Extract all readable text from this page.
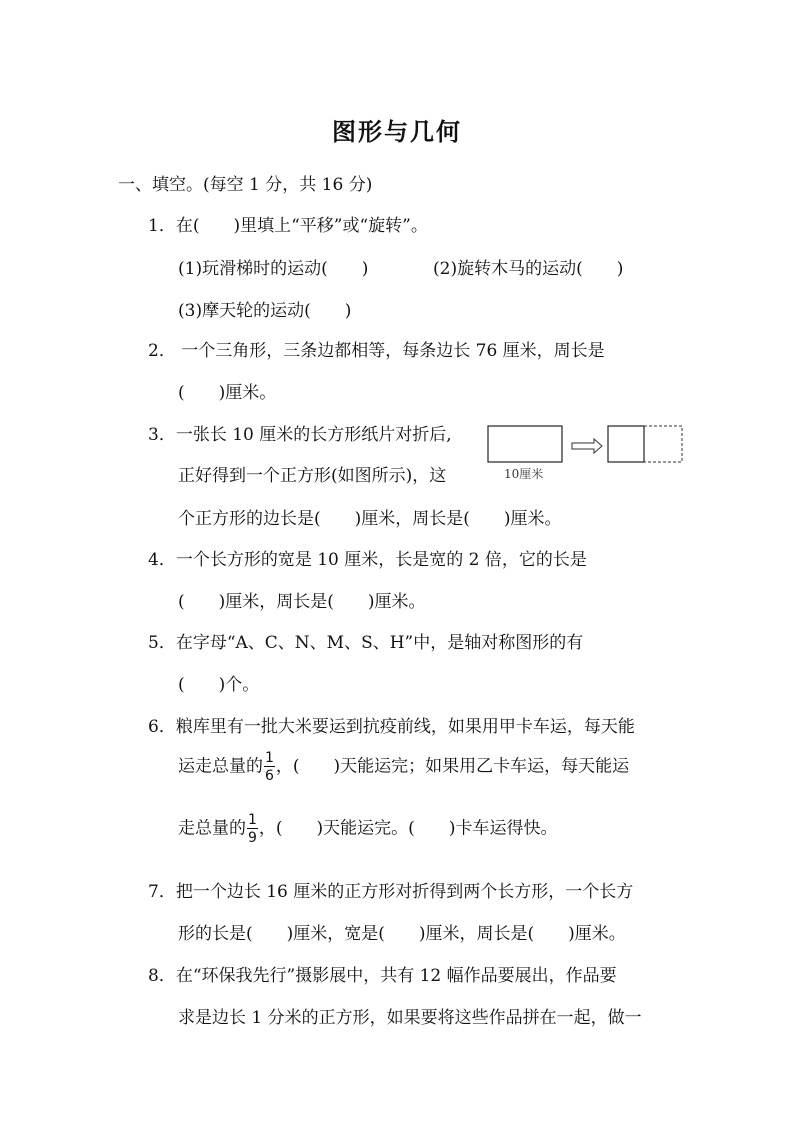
图形与几何
一、填空。(每空 1 分，共 16 分)
1．在(　　)里填上“平移”或“旋转”。
(1)玩滑梯时的运动(　　)	(2)旋转木马的运动(　　)
(3)摩天轮的运动(　　)
2． 一个三角形，三条边都相等，每条边长 76 厘米，周长是
(　　)厘米。
3．一张长 10 厘米的长方形纸片对折后,
正好得到一个正方形(如图所示)，这
个正方形的边长是(　　)厘米，周长是(　　)厘米。
10厘米
4．一个长方形的宽是 10 厘米，长是宽的 2 倍，它的长是
(　　)厘米，周长是(　　)厘米。
5．在字母“A、C、N、M、S、H”中，是轴对称图形的有
(　　)个。
6．粮库里有一批大米要运到抗疫前线，如果用甲卡车运，每天能
运走总量的 $\frac{1}{6}$ ，(　　)天能运完；如果用乙卡车运，每天能运
走总量的 $\frac{1}{9}$ ，(　　)天能运完。(　　)卡车运得快。
7．把一个边长 16 厘米的正方形对折得到两个长方形，一个长方
形的长是(　　)厘米，宽是(　　)厘米，周长是(　　)厘米。
8．在“环保我先行”摄影展中，共有 12 幅作品要展出，作品要
求是边长 1 分米的正方形，如果要将这些作品拼在一起，做一
